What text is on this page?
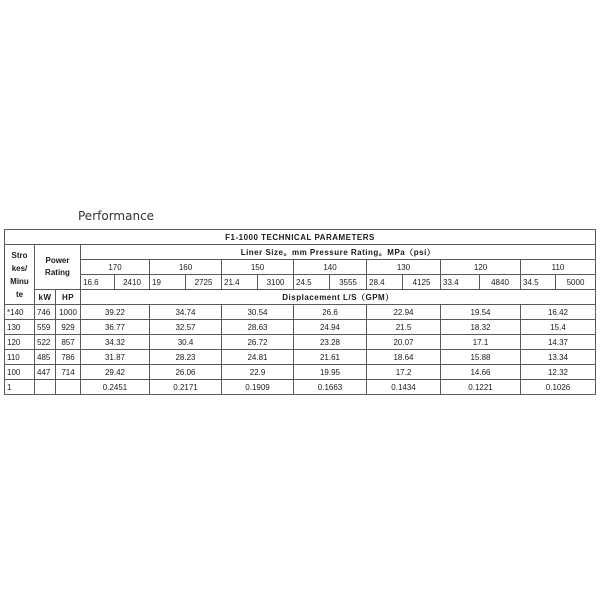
Performance
F1-1000 TECHNICAL PARAMETERS																
Stro kes/ Minu te	Power Rating		Liner Size。mm Pressure Rating。MPa（psi）													
			170		160		150		140		130		120		110	
			16.6	2410	19	2725	21.4	3100	24.5	3555	28.4	4125	33.4	4840	34.5	5000
	kW	HP	Displacement L/S（GPM）													
*140	746	1000	39.22		34.74		30.54		26.6		22.94		19.54		16.42	
130	559	929	36.77		32.57		28.63		24.94		21.5		18.32		15.4	
120	522	857	34.32		30.4		26.72		23.28		20.07		17.1		14.37	
110	485	786	31.87		28.23		24.81		21.61		18.64		15.88		13.34	
100	447	714	29.42		26.06		22.9		19.95		17.2		14.66		12.32	
1			0.2451		0.2171		0.1909		0.1663		0.1434		0.1221		0.1026	
